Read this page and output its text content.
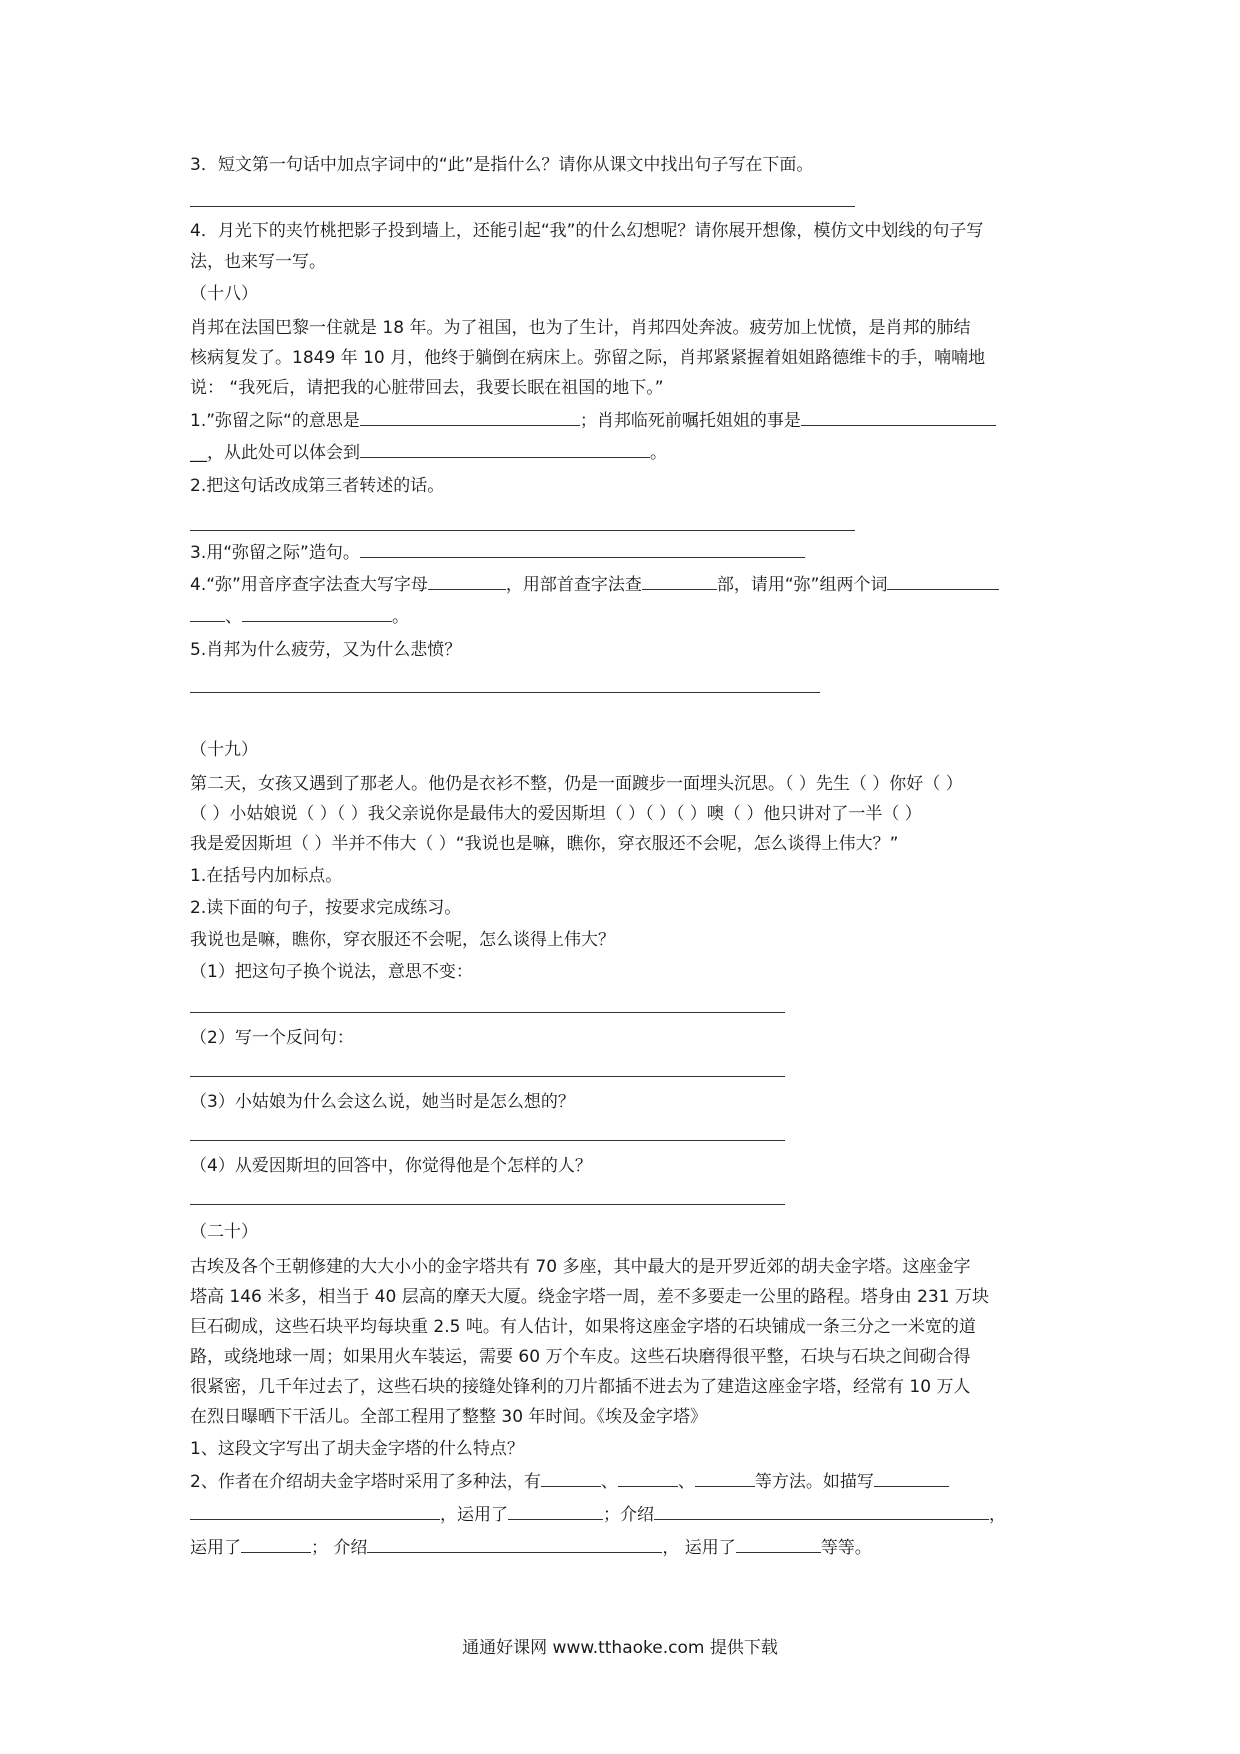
3．短文第一句话中加点字词中的“此”是指什么？请你从课文中找出句子写在下面。
4．月光下的夹竹桃把影子投到墙上，还能引起“我”的什么幻想呢？请你展开想像，模仿文中划线的句子写
法，也来写一写。
（十八）
肖邦在法国巴黎一住就是 18 年。为了祖国，也为了生计，肖邦四处奔波。疲劳加上忧愤，是肖邦的肺结
核病复发了。1849 年 10 月，他终于躺倒在病床上。弥留之际，肖邦紧紧握着姐姐路德维卡的手，喃喃地
说： “我死后，请把我的心脏带回去，我要长眠在祖国的地下。”
1.”弥留之际“的意思是	；肖邦临死前嘱托姐姐的事是
__，从此处可以体会到	。
2.把这句话改成第三者转述的话。
3.用“弥留之际”造句。
4.“弥”用音序查字法查大写字母	，用部首查字法查	部，请用“弥”组两个词
、	。
5.肖邦为什么疲劳，又为什么悲愤？
（十九）
第二天，女孩又遇到了那老人。他仍是衣衫不整，仍是一面踱步一面埋头沉思。（ ）先生（ ）你好（ ）
（ ）小姑娘说（ ）（ ）我父亲说你是最伟大的爱因斯坦（ ）（ ）（ ）噢（ ）他只讲对了一半（ ）
我是爱因斯坦（ ）半并不伟大（ ）“我说也是嘛，瞧你，穿衣服还不会呢，怎么谈得上伟大？”
1.在括号内加标点。
2.读下面的句子，按要求完成练习。
我说也是嘛，瞧你，穿衣服还不会呢，怎么谈得上伟大？
（1）把这句子换个说法，意思不变：
（2）写一个反问句：
（3）小姑娘为什么会这么说，她当时是怎么想的？
（4）从爱因斯坦的回答中，你觉得他是个怎样的人？
（二十）
古埃及各个王朝修建的大大小小的金字塔共有 70 多座，其中最大的是开罗近郊的胡夫金字塔。这座金字
塔高 146 米多，相当于 40 层高的摩天大厦。绕金字塔一周，差不多要走一公里的路程。塔身由 231 万块
巨石砌成，这些石块平均每块重 2.5 吨。有人估计，如果将这座金字塔的石块铺成一条三分之一米宽的道
路，或绕地球一周；如果用火车装运，需要 60 万个车皮。这些石块磨得很平整，石块与石块之间砌合得
很紧密，几千年过去了，这些石块的接缝处锋利的刀片都插不进去为了建造这座金字塔，经常有 10 万人
在烈日曝晒下干活儿。全部工程用了整整 30 年时间。《埃及金字塔》
1、这段文字写出了胡夫金字塔的什么特点？
2、作者在介绍胡夫金字塔时采用了多种法，有	、	、	等方法。如描写
，运用了	；介绍	，
运用了	； 介绍	， 运用了	等等。
通通好课网 www.tthaoke.com 提供下载
